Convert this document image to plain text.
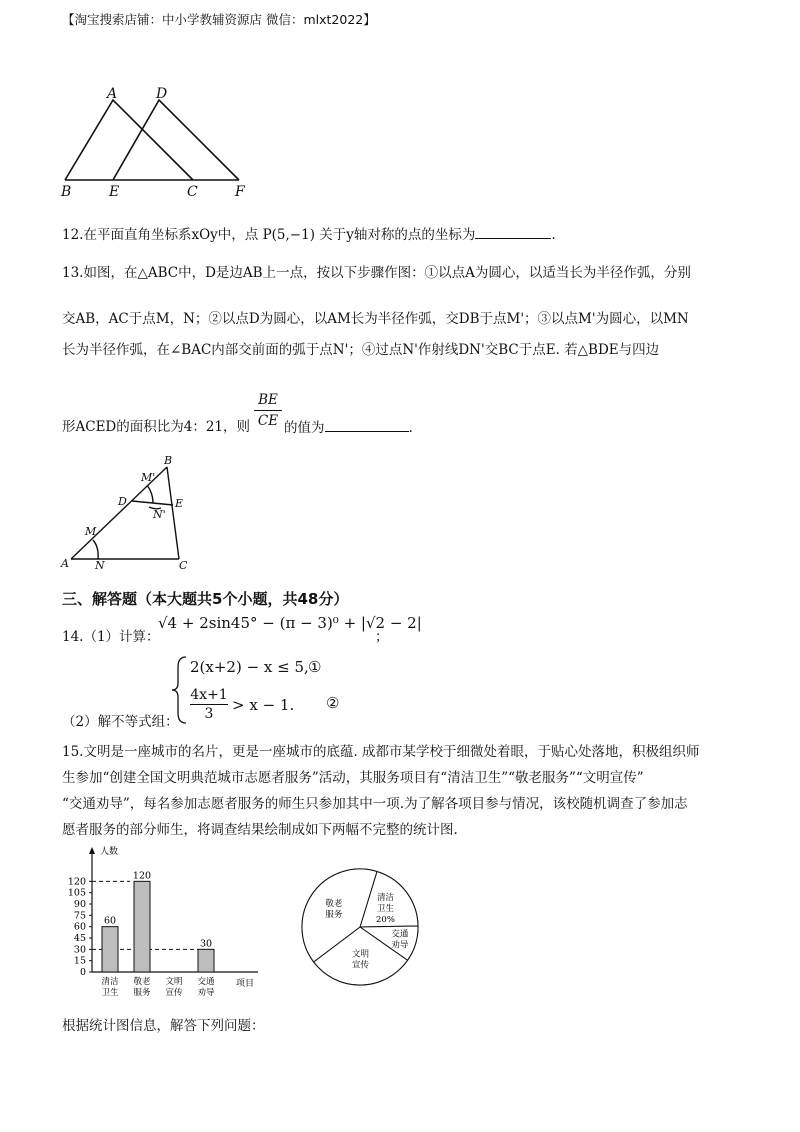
【淘宝搜索店铺：中小学教辅资源店 微信：mlxt2022】
A	D
B	E	C	F
12.在平面直角坐标系xOy中，点 P(5,−1) 关于y轴对称的点的坐标为	.
13.如图，在△ABC中，D是边AB上一点，按以下步骤作图：①以点A为圆心，以适当长为半径作弧，分别
交AB，AC于点M，N；②以点D为圆心，以AM长为半径作弧，交DB于点M'；③以点M'为圆心，以MN
长为半径作弧，在∠BAC内部交前面的弧于点N'；④过点N'作射线DN'交BC于点E. 若△BDE与四边
形ACED的面积比为4：21，则 $\frac{BE}{CE}$ 的值为	.
B
M'
D	E
N'
M
A N	C
三、解答题（本大题共5个小题，共48分）
14.（1）计算：
√4 + 2sin45° − (π − 3)⁰ + |√2 − 2|
；
2(x+2) − x ≤ 5, ①
$\frac{4x+1}{3} > x - 1$. ②
（2）解不等式组：
15.文明是一座城市的名片，更是一座城市的底蕴. 成都市某学校于细微处着眼，于贴心处落地，积极组织师
生参加“创建全国文明典范城市志愿者服务”活动，其服务项目有“清洁卫生”“敬老服务”“文明宣传”
“交通劝导”，每名参加志愿者服务的师生只参加其中一项.为了解各项目参与情况，该校随机调查了参加志
愿者服务的部分师生，将调查结果绘制成如下两幅不完整的统计图.
人数
项目
0
15
30
45
60
75
90
105
120
60
清洁
卫生
120
敬老
服务
文明
宣传
30
交通
劝导
清洁
卫生
20%
交通
劝导
文明
宣传
敬老
服务
根据统计图信息，解答下列问题：
